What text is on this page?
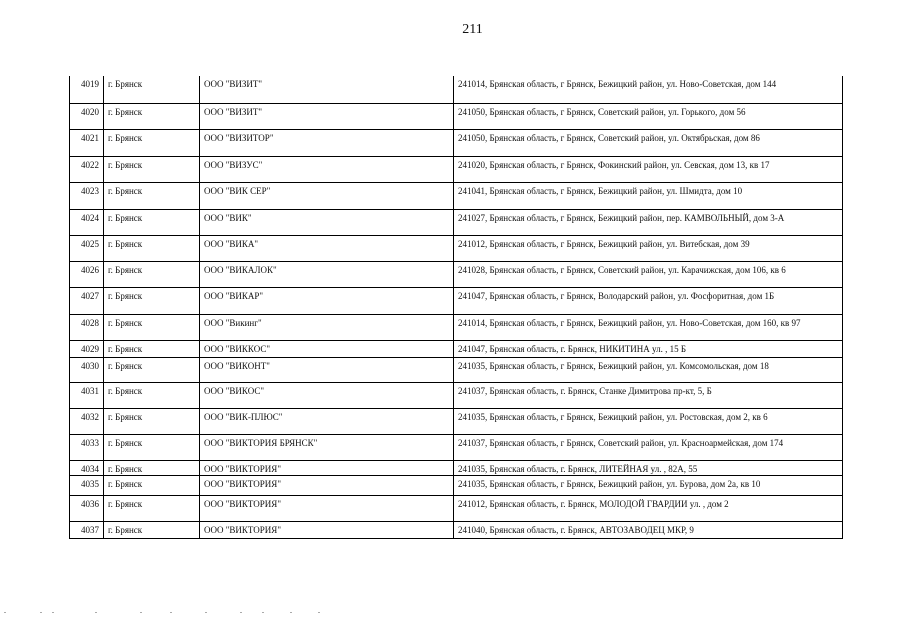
211
4019	г. Брянск	ООО "ВИЗИТ"	241014, Брянская область, г Брянск, Бежицкий район, ул. Ново-Советская, дом 144
4020	г. Брянск	ООО "ВИЗИТ"	241050, Брянская область, г Брянск, Советский район, ул. Горького, дом 56
4021	г. Брянск	ООО "ВИЗИТОР"	241050, Брянская область, г Брянск, Советский район, ул. Октябрьская, дом 86
4022	г. Брянск	ООО "ВИЗУС"	241020, Брянская область, г Брянск, Фокинский район, ул. Севская, дом 13, кв 17
4023	г. Брянск	ООО "ВИК СЕР"	241041, Брянская область, г Брянск, Бежицкий район, ул. Шмидта, дом 10
4024	г. Брянск	ООО "ВИК"	241027, Брянская область, г Брянск, Бежицкий район, пер. КАМВОЛЬНЫЙ, дом 3-А
4025	г. Брянск	ООО "ВИКА"	241012, Брянская область, г Брянск, Бежицкий район, ул. Витебская, дом 39
4026	г. Брянск	ООО "ВИКАЛОК"	241028, Брянская область, г Брянск, Советский район, ул. Карачижская, дом 106, кв 6
4027	г. Брянск	ООО "ВИКАР"	241047, Брянская область, г Брянск, Володарский район, ул. Фосфоритная, дом 1Б
4028	г. Брянск	ООО "Викинг"	241014, Брянская область, г Брянск, Бежицкий район, ул. Ново-Советская, дом 160, кв 97
4029	г. Брянск	ООО "ВИККОС"	241047, Брянская область, г. Брянск, НИКИТИНА ул. , 15 Б
4030	г. Брянск	ООО "ВИКОНТ"	241035, Брянская область, г Брянск, Бежицкий район, ул. Комсомольская, дом 18
4031	г. Брянск	ООО "ВИКОС"	241037, Брянская область, г. Брянск, Станке Димитрова пр-кт, 5, Б
4032	г. Брянск	ООО "ВИК-ПЛЮС"	241035, Брянская область, г Брянск, Бежицкий район, ул. Ростовская, дом 2, кв 6
4033	г. Брянск	ООО "ВИКТОРИЯ БРЯНСК"	241037, Брянская область, г Брянск, Советский район, ул. Красноармейская, дом 174
4034	г. Брянск	ООО "ВИКТОРИЯ"	241035, Брянская область, г. Брянск, ЛИТЕЙНАЯ ул. , 82А, 55
4035	г. Брянск	ООО "ВИКТОРИЯ"	241035, Брянская область, г Брянск, Бежицкий район, ул. Бурова, дом 2а, кв 10
4036	г. Брянск	ООО "ВИКТОРИЯ"	241012, Брянская область, г. Брянск, МОЛОДОЙ ГВАРДИИ ул. , дом 2
4037	г. Брянск	ООО "ВИКТОРИЯ"	241040, Брянская область, г. Брянск, АВТОЗАВОДЕЦ МКР, 9
